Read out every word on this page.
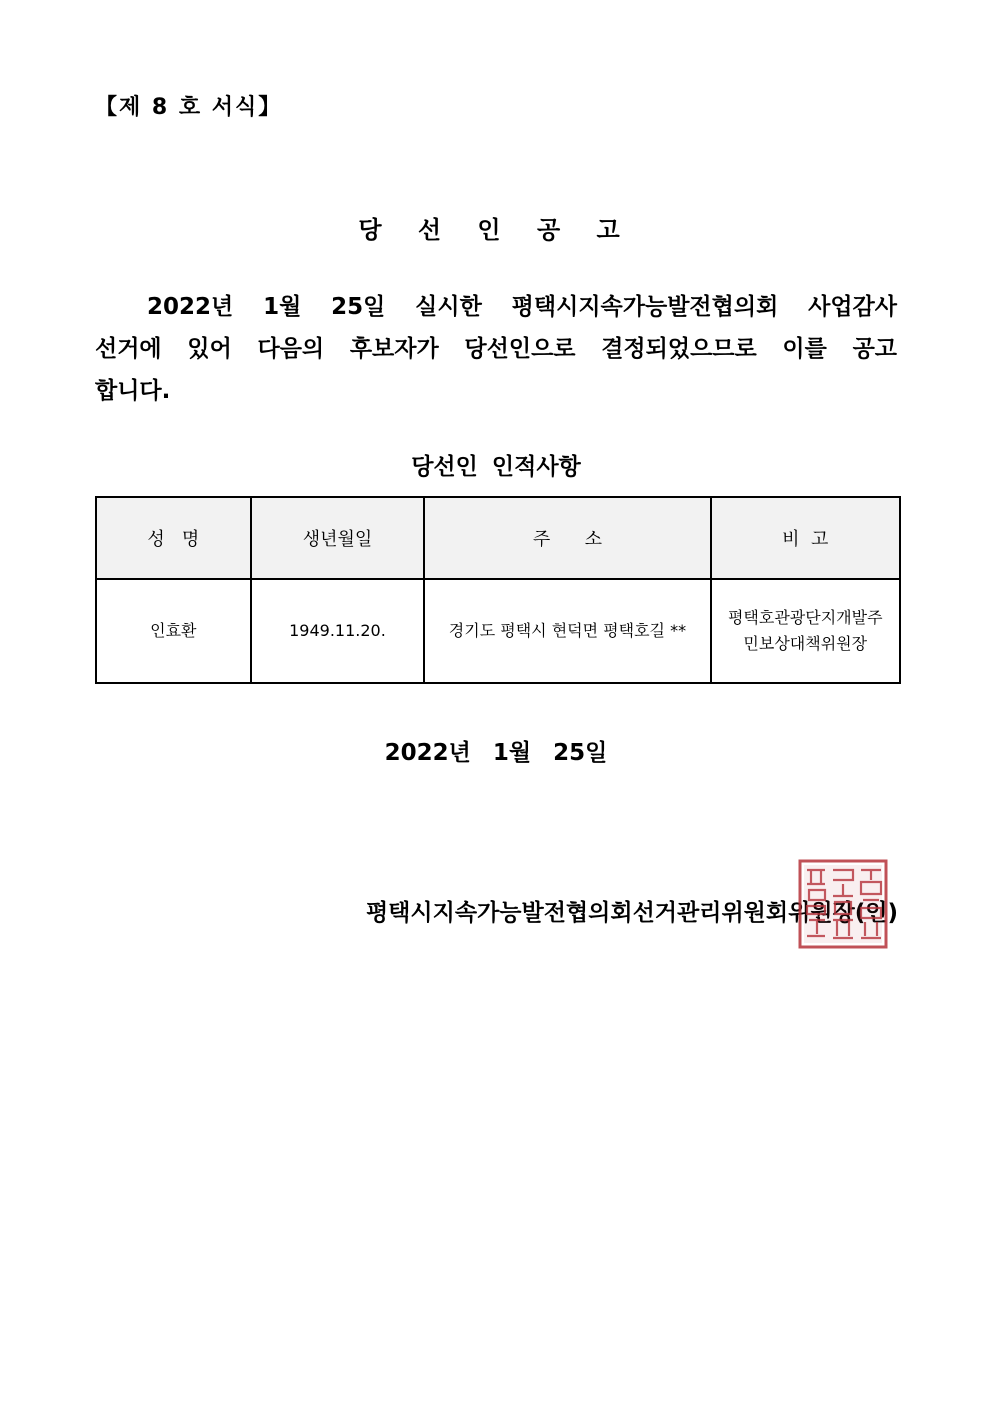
【제 8 호 서식】
당 선 인 공 고
2022년 1월 25일 실시한 평택시지속가능발전협의회 사업감사
선거에 있어 다음의 후보자가 당선인으로 결정되었으므로 이를 공고
합니다.
당선인 인적사항
성   명	생년월일	주      소	비  고
인효환	1949.11.20.	경기도 평택시 현덕면 평택호길 **	평택호관광단지개발주민보상대책위원장
2022년 1월 25일
평택시지속가능발전협의회선거관리위원회위원장(인)
